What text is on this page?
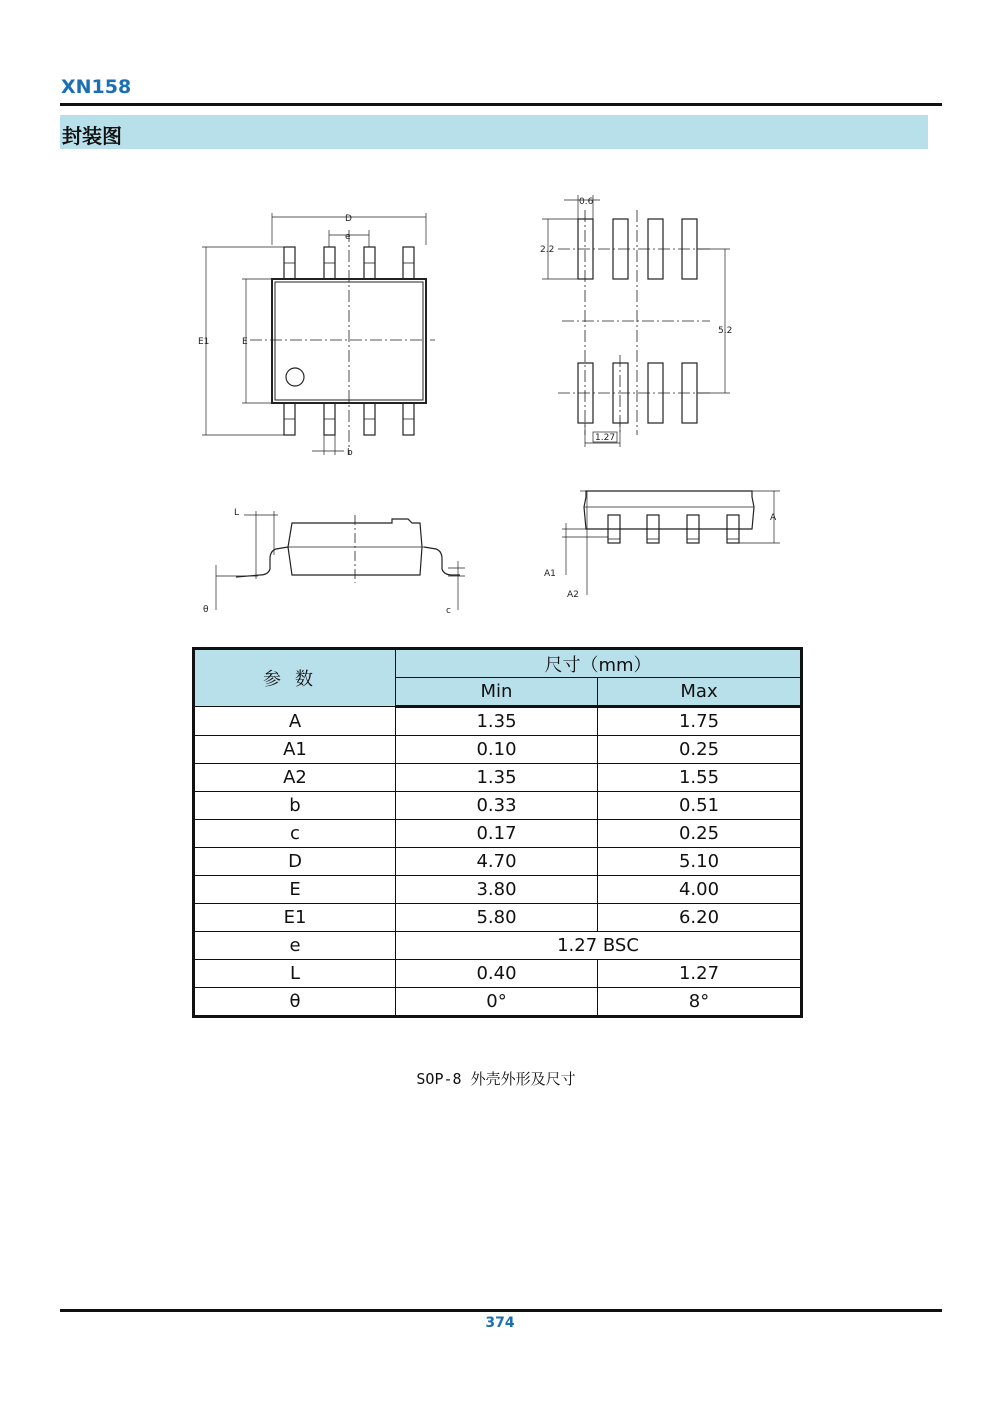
XN158
封装图
D
e
E1	E
b
0.6
2.2
5.2
1.27
L
θ	c
A
A1
A2
参数	尺寸（mm）	
	Min	Max
A	1.35	1.75
A1	0.10	0.25
A2	1.35	1.55
b	0.33	0.51
c	0.17	0.25
D	4.70	5.10
E	3.80	4.00
E1	5.80	6.20
e	1.27 BSC	
L	0.40	1.27
θ	0°	8°
SOP-8 外壳外形及尺寸
374
